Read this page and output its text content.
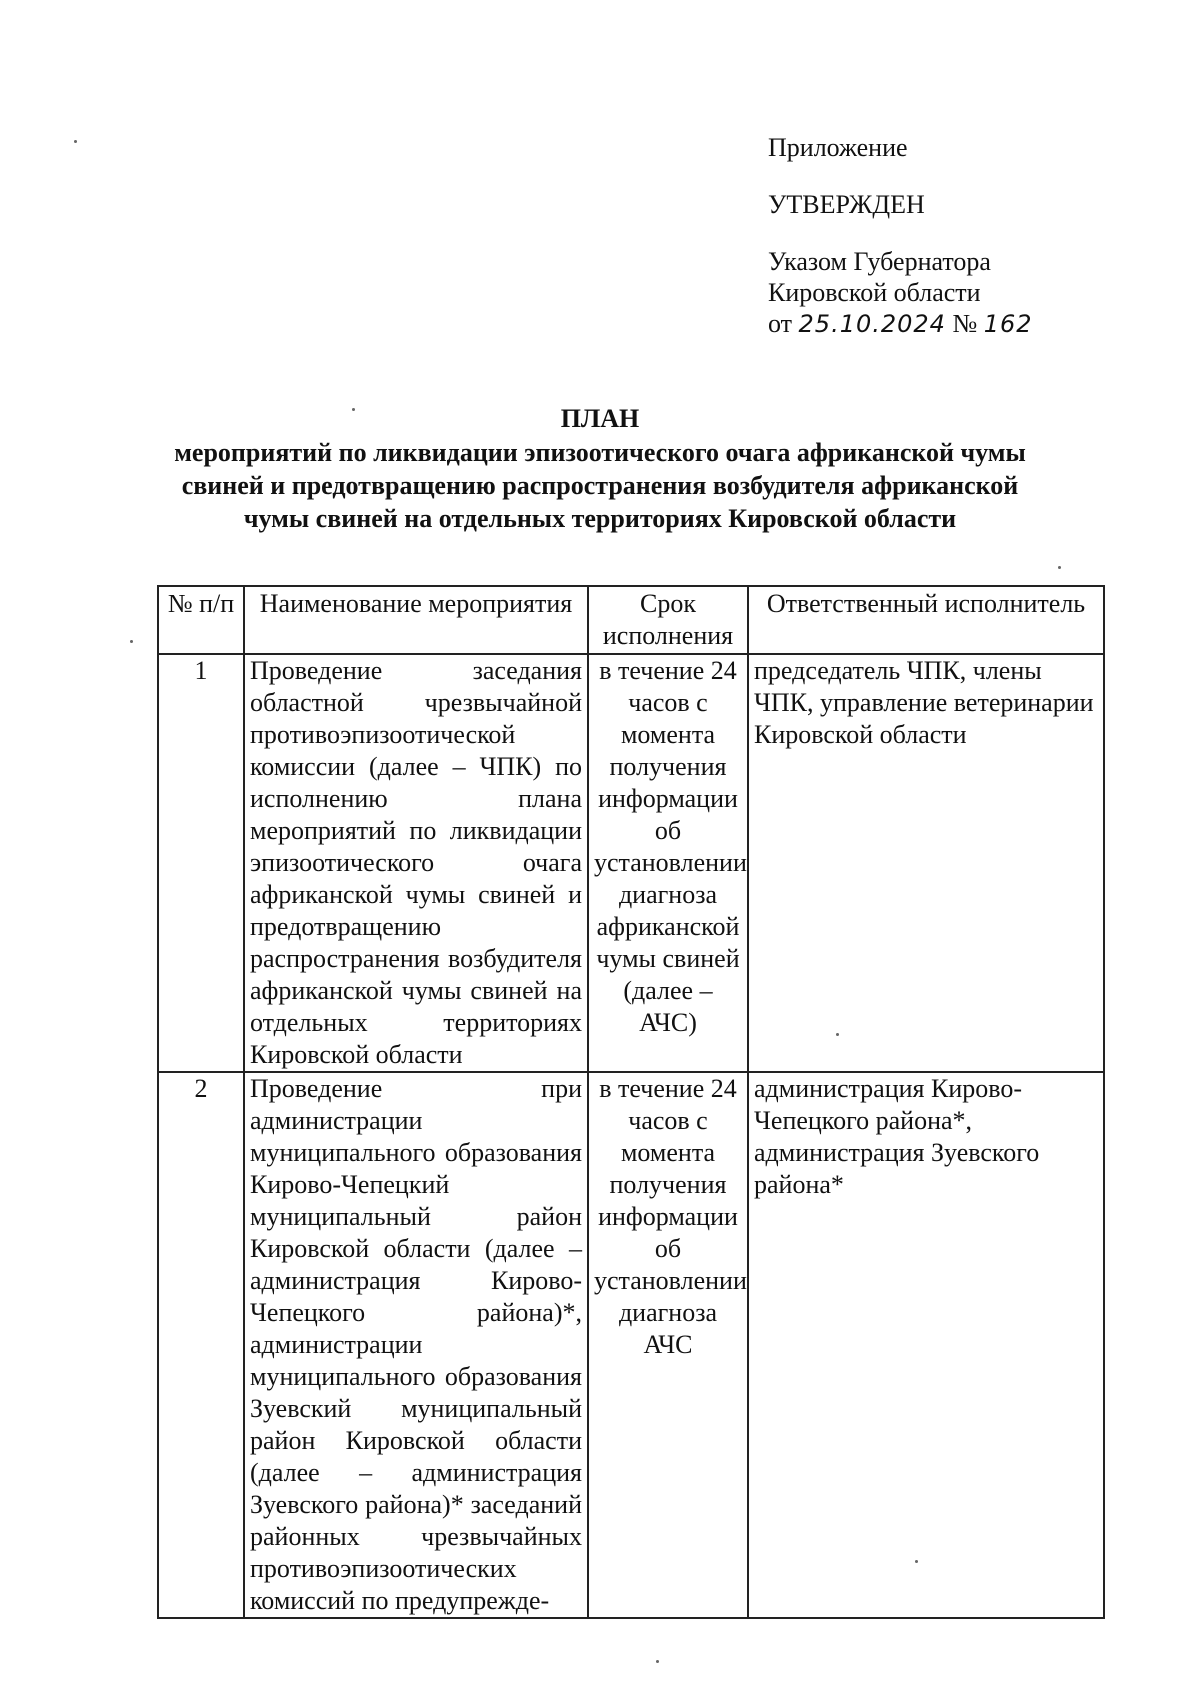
Приложение
УТВЕРЖДЕН
Указом Губернатора
Кировской области
от 25.10.2024 № 162
ПЛАН
мероприятий по ликвидации эпизоотического очага африканской чумы
свиней и предотвращению распространения возбудителя африканской
чумы свиней на отдельных территориях Кировской области
№ п/п	Наименование мероприятия	Срок исполнения	Ответственный исполнитель
1	Проведение заседания областной чрезвычайной противоэпизоотической комиссии (далее – ЧПК) по исполнению плана мероприятий по ликвидации эпизоотического очага африканской чумы свиней и предотвращению распространения возбудителя африканской чумы свиней на отдельных территориях Кировской области	в течение 24 часов с момента получения информации об установлении диагноза африканской чумы свиней (далее – АЧС)	председатель ЧПК, члены ЧПК, управление ветеринарии Кировской области
2	Проведение при администрации муниципального образования Кирово-Чепецкий муниципальный район Кировской области (далее – администрация Кирово-Чепецкого района)*, администрации муниципального образования Зуевский муниципальный район Кировской области (далее – администрация Зуевского района)* заседаний районных чрезвычайных противоэпизоотических комиссий по предупрежде-	в течение 24 часов с момента получения информации об установлении диагноза АЧС	администрация Кирово-Чепецкого района*, администрация Зуевского района*
